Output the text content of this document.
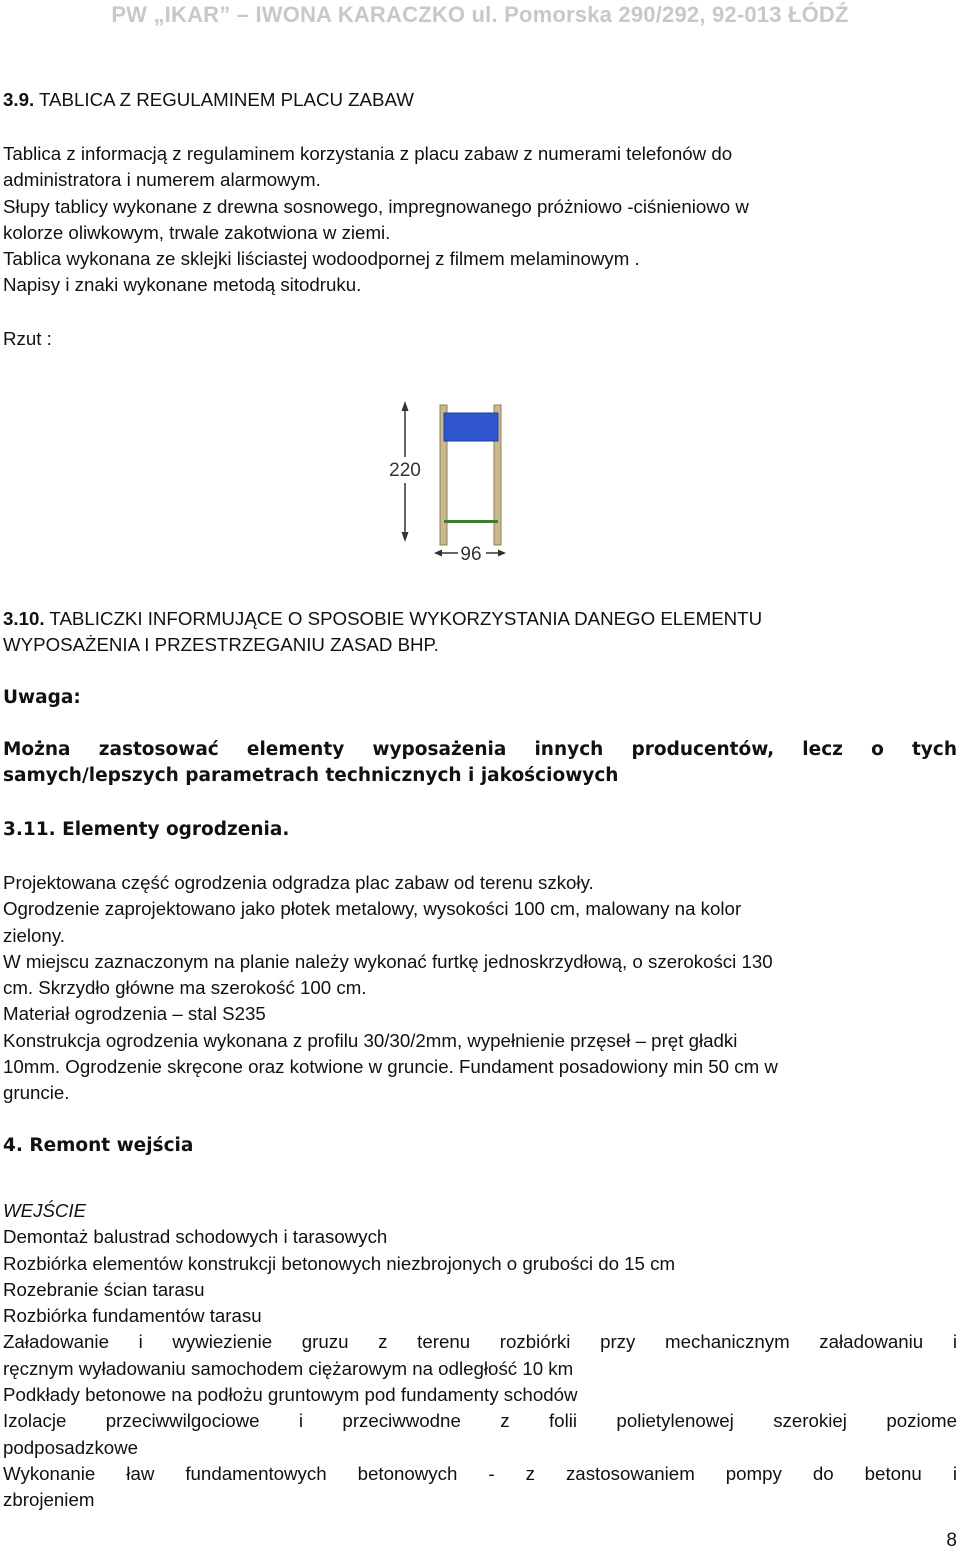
PW „IKAR” – IWONA KARACZKO ul. Pomorska 290/292, 92-013 ŁÓDŹ
3.9. TABLICA Z REGULAMINEM PLACU ZABAW
Tablica z informacją z regulaminem korzystania z placu zabaw z numerami telefonów do
administratora i numerem alarmowym.
Słupy tablicy wykonane z drewna sosnowego, impregnowanego próżniowo -ciśnieniowo w
kolorze oliwkowym, trwale zakotwiona w ziemi.
Tablica wykonana ze sklejki liściastej wodoodpornej z filmem melaminowym .
Napisy i znaki wykonane metodą sitodruku.
Rzut :
220
96
3.10. TABLICZKI INFORMUJĄCE O SPOSOBIE WYKORZYSTANIA DANEGO ELEMENTU
WYPOSAŻENIA I PRZESTRZEGANIU ZASAD BHP.
Uwaga:
Można zastosować elementy wyposażenia innych producentów, lecz o tych
samych/lepszych parametrach technicznych i jakościowych
3.11. Elementy ogrodzenia.
Projektowana część ogrodzenia odgradza plac zabaw od terenu szkoły.
Ogrodzenie zaprojektowano jako płotek metalowy, wysokości 100 cm, malowany na kolor
zielony.
W miejscu zaznaczonym na planie należy wykonać furtkę jednoskrzydłową, o szerokości 130
cm. Skrzydło główne ma szerokość 100 cm.
Materiał ogrodzenia – stal S235
Konstrukcja ogrodzenia wykonana z profilu 30/30/2mm, wypełnienie przęseł – pręt gładki
10mm. Ogrodzenie skręcone oraz kotwione w gruncie. Fundament posadowiony min 50 cm w
gruncie.
4. Remont wejścia
WEJŚCIE
Demontaż balustrad schodowych i tarasowych
Rozbiórka elementów konstrukcji betonowych niezbrojonych o grubości do 15 cm
Rozebranie ścian tarasu
Rozbiórka fundamentów tarasu
Załadowanie i wywiezienie gruzu z terenu rozbiórki przy mechanicznym załadowaniu i
ręcznym wyładowaniu samochodem ciężarowym na odległość 10 km
Podkłady betonowe na podłożu gruntowym pod fundamenty schodów
Izolacje przeciwwilgociowe i przeciwwodne z folii polietylenowej szerokiej poziome
podposadzkowe
Wykonanie ław fundamentowych betonowych - z zastosowaniem pompy do betonu i
zbrojeniem
8
